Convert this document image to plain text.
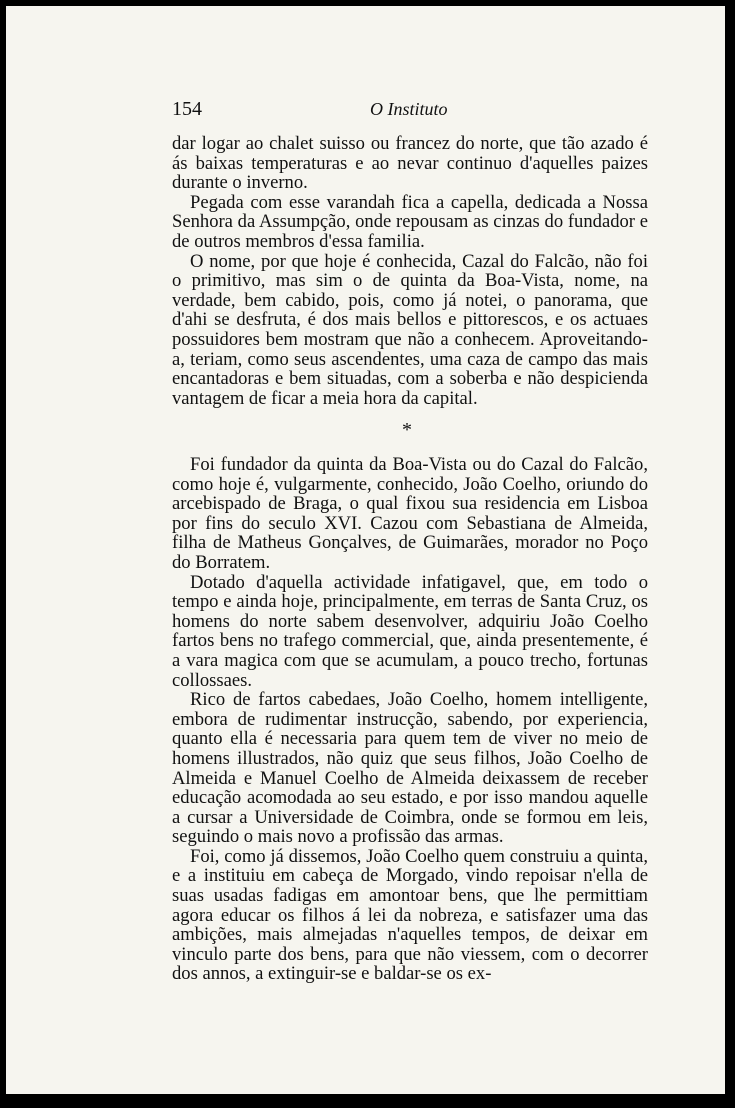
154	O Instituto

dar logar ao chalet suisso ou francez do norte, que tão azado é ás baixas temperaturas e ao nevar continuo d'aquelles paizes durante o inverno.

Pegada com esse varandah fica a capella, dedicada a Nossa Senhora da Assumpção, onde repousam as cinzas do fundador e de outros membros d'essa familia.

O nome, por que hoje é conhecida, Cazal do Falcão, não foi o primitivo, mas sim o de quinta da Boa-Vista, nome, na verdade, bem cabido, pois, como já notei, o panorama, que d'ahi se desfruta, é dos mais bellos e pittorescos, e os actuaes possuidores bem mostram que não a conhecem. Aproveitando-a, teriam, como seus ascendentes, uma caza de campo das mais encantadoras e bem situadas, com a soberba e não despicienda vantagem de ficar a meia hora da capital.

*

Foi fundador da quinta da Boa-Vista ou do Cazal do Falcão, como hoje é, vulgarmente, conhecido, João Coelho, oriundo do arcebispado de Braga, o qual fixou sua residencia em Lisboa por fins do seculo XVI. Cazou com Sebastiana de Almeida, filha de Matheus Gonçalves, de Guimarães, morador no Poço do Borratem.

Dotado d'aquella actividade infatigavel, que, em todo o tempo e ainda hoje, principalmente, em terras de Santa Cruz, os homens do norte sabem desenvolver, adquiriu João Coelho fartos bens no trafego commercial, que, ainda presentemente, é a vara magica com que se acumulam, a pouco trecho, fortunas collossaes.

Rico de fartos cabedaes, João Coelho, homem intelligente, embora de rudimentar instrucção, sabendo, por experiencia, quanto ella é necessaria para quem tem de viver no meio de homens illustrados, não quiz que seus filhos, João Coelho de Almeida e Manuel Coelho de Almeida deixassem de receber educação acomodada ao seu estado, e por isso mandou aquelle a cursar a Universidade de Coimbra, onde se formou em leis, seguindo o mais novo a profissão das armas.

Foi, como já dissemos, João Coelho quem construiu a quinta, e a instituiu em cabeça de Morgado, vindo repoisar n'ella de suas usadas fadigas em amontoar bens, que lhe permittiam agora educar os filhos á lei da nobreza, e satisfazer uma das ambições, mais almejadas n'aquelles tempos, de deixar em vinculo parte dos bens, para que não viessem, com o decorrer dos annos, a extinguir-se e baldar-se os ex-
